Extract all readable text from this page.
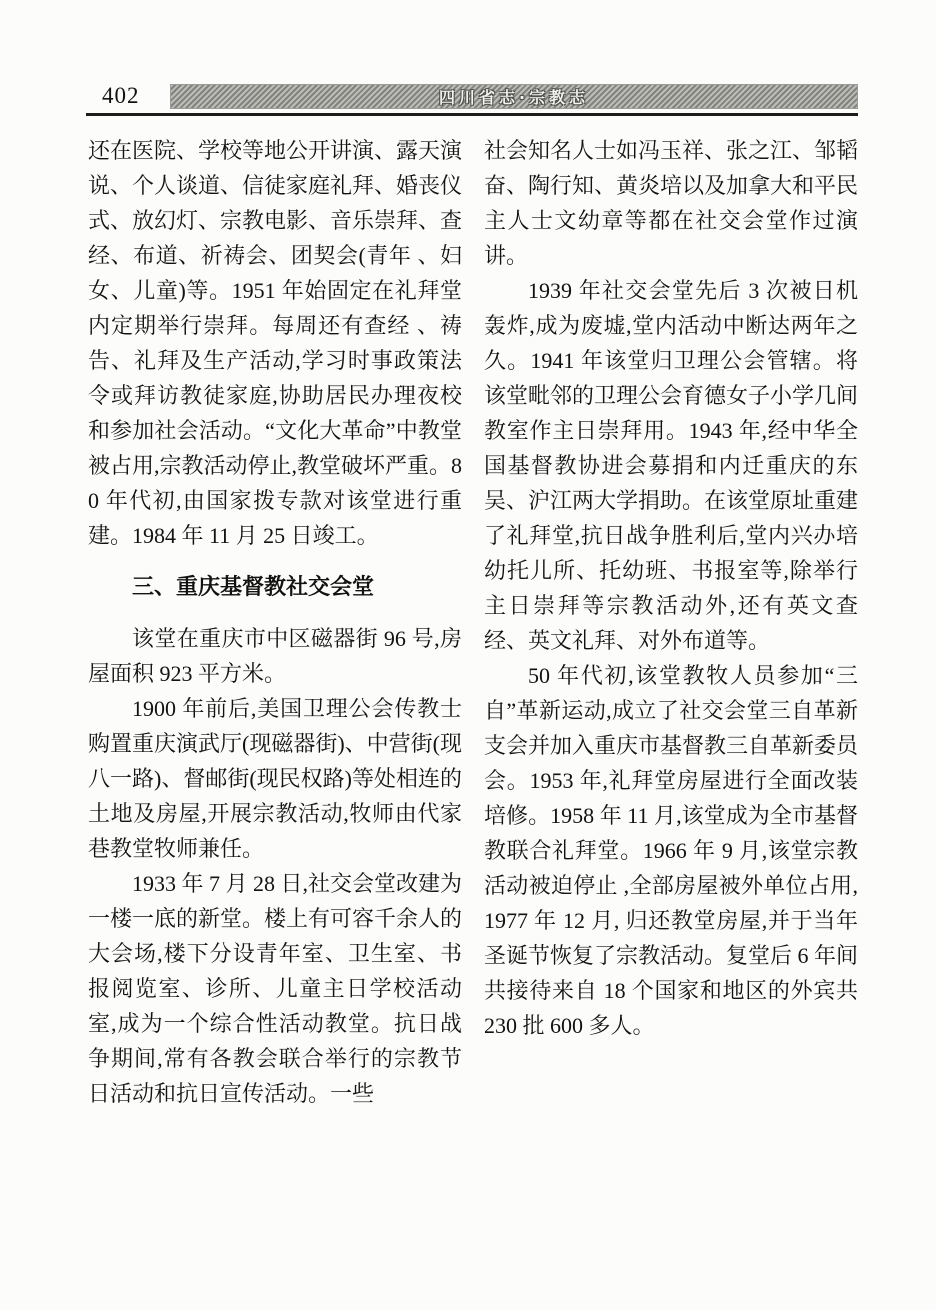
402	四川省志·宗教志

还在医院、学校等地公开讲演、露天演说、个人谈道、信徒家庭礼拜、婚丧仪式、放幻灯、宗教电影、音乐崇拜、查经、布道、祈祷会、团契会(青年 、妇女、儿童)等。1951 年始固定在礼拜堂内定期举行崇拜。每周还有查经 、祷告、礼拜及生产活动,学习时事政策法令或拜访教徒家庭,协助居民办理夜校和参加社会活动。“文化大革命”中教堂被占用,宗教活动停止,教堂破坏严重。80 年代初,由国家拨专款对该堂进行重建。1984 年 11 月 25 日竣工。

三、重庆基督教社交会堂

该堂在重庆市中区磁器街 96 号,房屋面积 923 平方米。

1900 年前后,美国卫理公会传教士购置重庆演武厅(现磁器街)、中营街(现八一路)、督邮街(现民权路)等处相连的土地及房屋,开展宗教活动,牧师由代家巷教堂牧师兼任。

1933 年 7 月 28 日,社交会堂改建为一楼一底的新堂。楼上有可容千余人的大会场,楼下分设青年室、卫生室、书报阅览室、诊所、儿童主日学校活动室,成为一个综合性活动教堂。抗日战争期间,常有各教会联合举行的宗教节日活动和抗日宣传活动。一些

社会知名人士如冯玉祥、张之江、邹韬奋、陶行知、黄炎培以及加拿大和平民主人士文幼章等都在社交会堂作过演讲。

1939 年社交会堂先后 3 次被日机轰炸,成为废墟,堂内活动中断达两年之久。1941 年该堂归卫理公会管辖。将该堂毗邻的卫理公会育德女子小学几间教室作主日崇拜用。1943 年,经中华全国基督教协进会募捐和内迁重庆的东吴、沪江两大学捐助。在该堂原址重建了礼拜堂,抗日战争胜利后,堂内兴办培幼托儿所、托幼班、书报室等,除举行主日崇拜等宗教活动外,还有英文查经、英文礼拜、对外布道等。

50 年代初,该堂教牧人员参加“三自”革新运动,成立了社交会堂三自革新支会并加入重庆市基督教三自革新委员会。1953 年,礼拜堂房屋进行全面改装培修。1958 年 11 月,该堂成为全市基督教联合礼拜堂。1966 年 9 月,该堂宗教活动被迫停止 ,全部房屋被外单位占用,1977 年 12 月, 归还教堂房屋,并于当年圣诞节恢复了宗教活动。复堂后 6 年间共接待来自 18 个国家和地区的外宾共 230 批 600 多人。
